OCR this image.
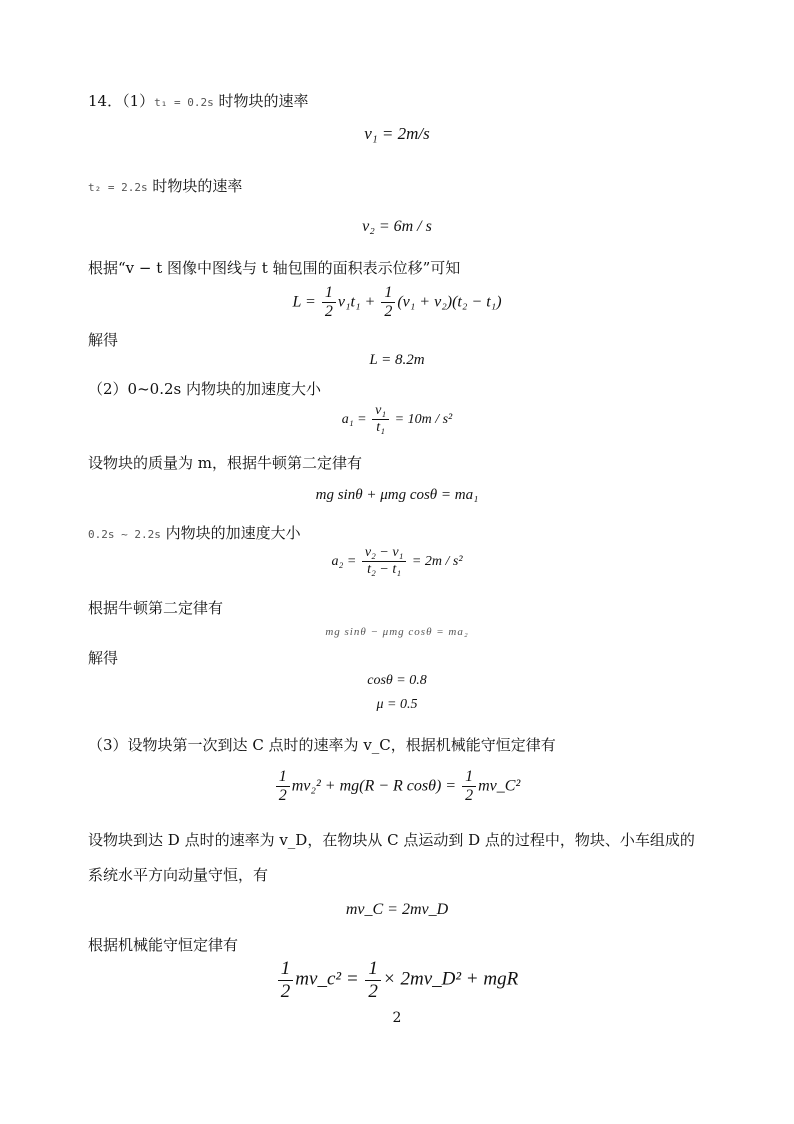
14．（1）t₁ = 0.2s 时物块的速率
v₁ = 2m/s
t₂ = 2.2s 时物块的速率
v₂ = 6m / s
根据“v − t 图像中图线与 t 轴包围的面积表示位移”可知
$L = \frac{1}{2} v_1t_1 + \frac{1}{2} (v_1 + v_2)(t_2 - t_1)$
解得
L = 8.2m
（2）0~0.2s 内物块的加速度大小
$a_1 = \frac{\text{v₁}}{\text{t₁}} = 10m / s^2$
设物块的质量为 m，根据牛顿第二定律有
mg sinθ + μmg cosθ = ma₁
0.2s ~ 2.2s 内物块的加速度大小
$a_2 = \frac{\text{v₂ − v₁}}{\text{t₂ − t₁}} = 2m / s^2$
根据牛顿第二定律有
mg sinθ − μmg cosθ = ma₂
解得
cosθ = 0.8
μ = 0.5
（3）设物块第一次到达 C 点时的速率为 v_C，根据机械能守恒定律有
$\frac{1}{2} mv_2^2 + mg(R - R$ $\cos\theta) = \frac{1}{2}$ mv_C²
设物块到达 D 点时的速率为 v_D，在物块从 C 点运动到 D 点的过程中，物块、小车组成的
系统水平方向动量守恒，有
mv_C = 2mv_D
根据机械能守恒定律有
$\frac{1}{2}$ mv_c² = $\frac{1}{2}$ × 2mv_D² + mgR
2
